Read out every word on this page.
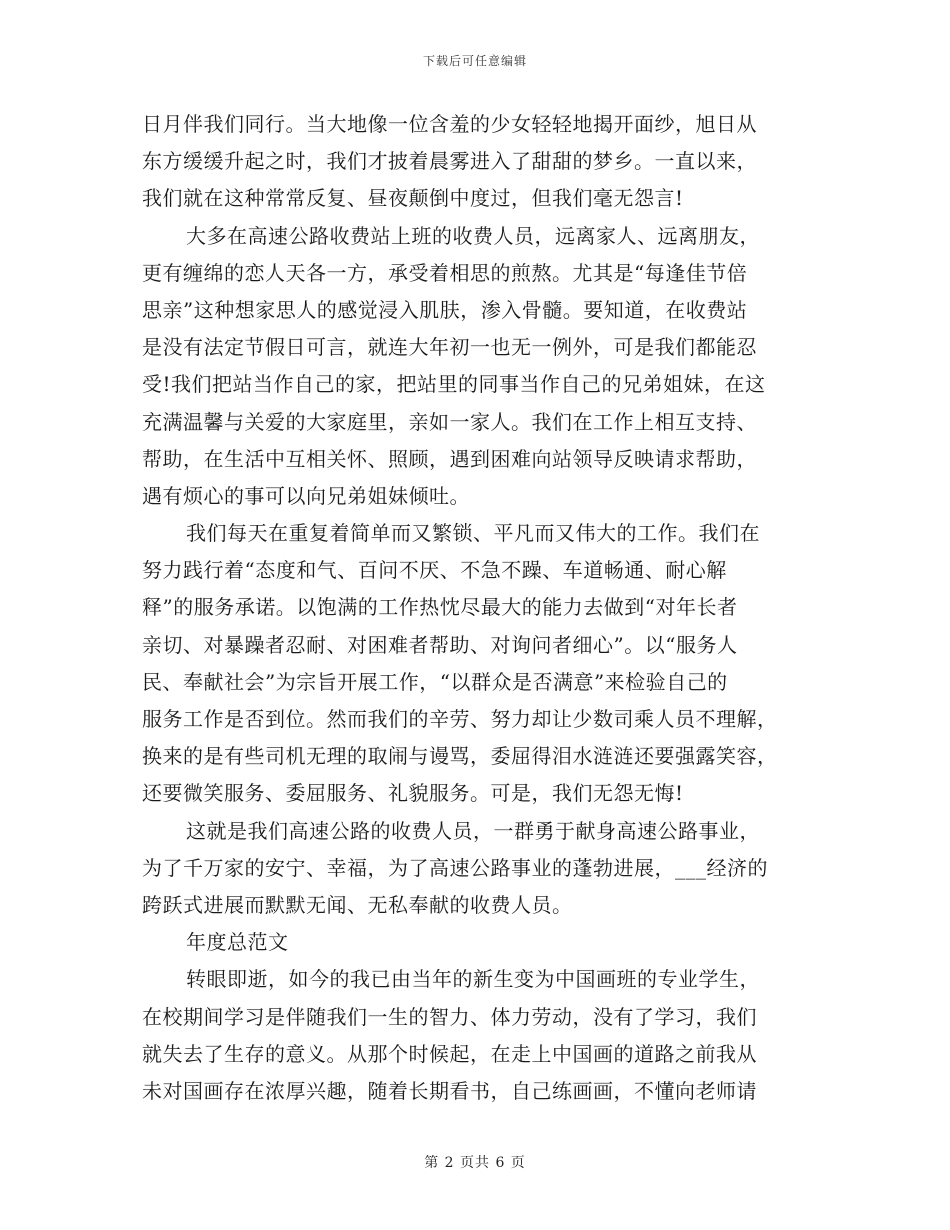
下载后可任意编辑
日月伴我们同行。当大地像一位含羞的少女轻轻地揭开面纱，旭日从
东方缓缓升起之时，我们才披着晨雾进入了甜甜的梦乡。一直以来，
我们就在这种常常反复、昼夜颠倒中度过，但我们毫无怨言!
大多在高速公路收费站上班的收费人员，远离家人、远离朋友，
更有缠绵的恋人天各一方，承受着相思的煎熬。尤其是“每逢佳节倍
思亲”这种想家思人的感觉浸入肌肤，渗入骨髓。要知道，在收费站
是没有法定节假日可言，就连大年初一也无一例外，可是我们都能忍
受!我们把站当作自己的家，把站里的同事当作自己的兄弟姐妹，在这
充满温馨与关爱的大家庭里，亲如一家人。我们在工作上相互支持、
帮助，在生活中互相关怀、照顾，遇到困难向站领导反映请求帮助，
遇有烦心的事可以向兄弟姐妹倾吐。
我们每天在重复着简单而又繁锁、平凡而又伟大的工作。我们在
努力践行着“态度和气、百问不厌、不急不躁、车道畅通、耐心解
释”的服务承诺。以饱满的工作热忱尽最大的能力去做到“对年长者
亲切、对暴躁者忍耐、对困难者帮助、对询问者细心”。以“服务人
民、奉献社会”为宗旨开展工作，“以群众是否满意”来检验自己的
服务工作是否到位。然而我们的辛劳、努力却让少数司乘人员不理解，
换来的是有些司机无理的取闹与谩骂，委屈得泪水涟涟还要强露笑容，
还要微笑服务、委屈服务、礼貌服务。可是，我们无怨无悔!
这就是我们高速公路的收费人员，一群勇于献身高速公路事业，
为了千万家的安宁、幸福，为了高速公路事业的蓬勃进展，___经济的
跨跃式进展而默默无闻、无私奉献的收费人员。
年度总范文
转眼即逝，如今的我已由当年的新生变为中国画班的专业学生，
在校期间学习是伴随我们一生的智力、体力劳动，没有了学习，我们
就失去了生存的意义。从那个时候起，在走上中国画的道路之前我从
未对国画存在浓厚兴趣，随着长期看书，自己练画画，不懂向老师请
第 2 页共 6 页
